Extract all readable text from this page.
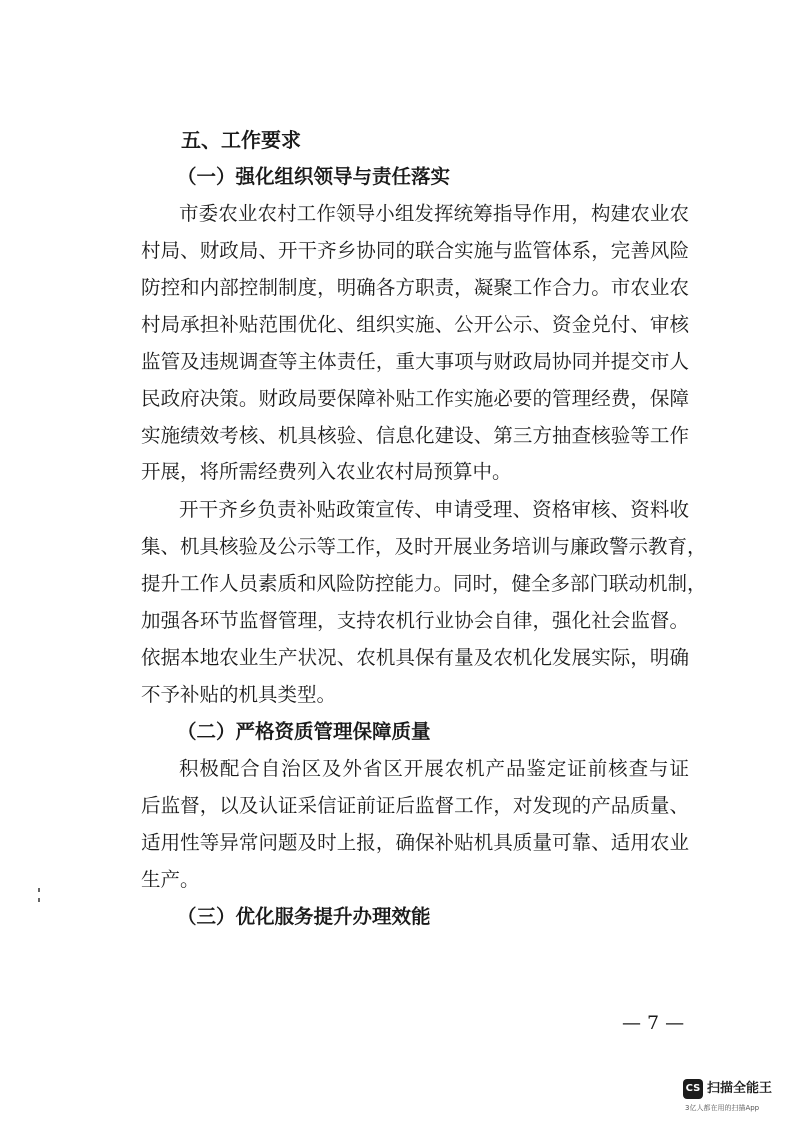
五、工作要求
（一）强化组织领导与责任落实
市委农业农村工作领导小组发挥统筹指导作用，构建农业农
村局、财政局、开干齐乡协同的联合实施与监管体系，完善风险
防控和内部控制制度，明确各方职责，凝聚工作合力。市农业农
村局承担补贴范围优化、组织实施、公开公示、资金兑付、审核
监管及违规调查等主体责任，重大事项与财政局协同并提交市人
民政府决策。财政局要保障补贴工作实施必要的管理经费，保障
实施绩效考核、机具核验、信息化建设、第三方抽查核验等工作
开展，将所需经费列入农业农村局预算中。
开干齐乡负责补贴政策宣传、申请受理、资格审核、资料收
集、机具核验及公示等工作，及时开展业务培训与廉政警示教育，
提升工作人员素质和风险防控能力。同时，健全多部门联动机制，
加强各环节监督管理，支持农机行业协会自律，强化社会监督。
依据本地农业生产状况、农机具保有量及农机化发展实际，明确
不予补贴的机具类型。
（二）严格资质管理保障质量
积极配合自治区及外省区开展农机产品鉴定证前核查与证
后监督，以及认证采信证前证后监督工作，对发现的产品质量、
适用性等异常问题及时上报，确保补贴机具质量可靠、适用农业
生产。
（三）优化服务提升办理效能
— 7 —
CS 扫描全能王
3亿人都在用的扫描App
